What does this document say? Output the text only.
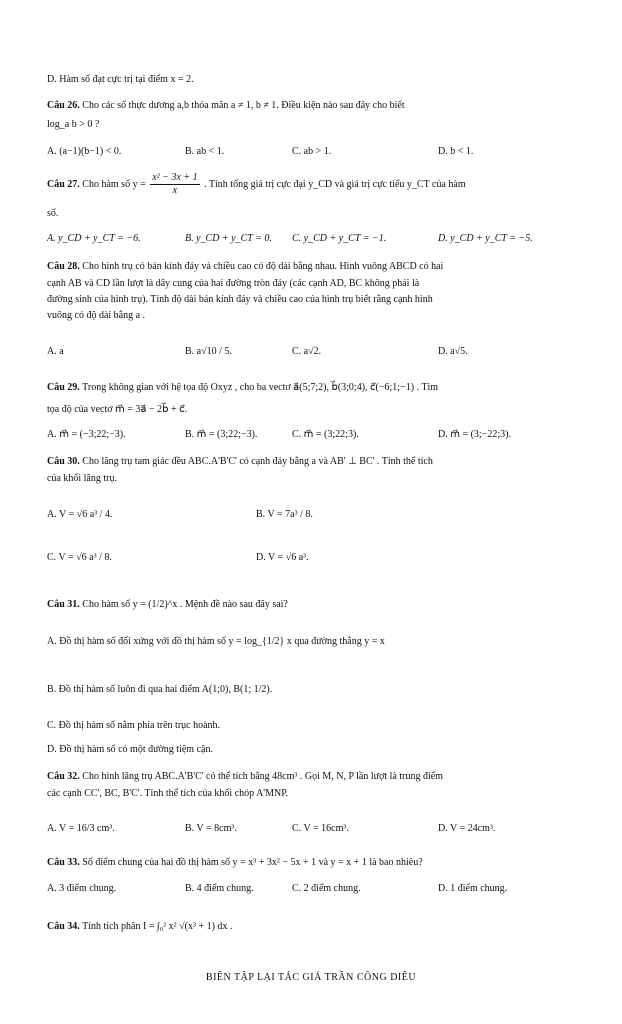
D. Hàm số đạt cực trị tại điểm x = 2.
Câu 26. Cho các số thực dương a,b thỏa mãn a ≠ 1, b ≠ 1. Điều kiện nào sau đây cho biết
log_a b > 0 ?
A. (a−1)(b−1) < 0.	B. ab < 1.	C. ab > 1.	D. b < 1.
Câu 27. Cho hàm số $y = \frac{\text{x² − 3x + 1}}{x}$ . Tính tổng giá trị cực đại y_CD và giá trị cực tiểu y_CT của hàm
số.
A. y_CD + y_CT = −6.	B. y_CD + y_CT = 0. C. y_CD + y_CT = −1.	D. y_CD + y_CT = −5.
Câu 28. Cho hình trụ có bán kính đáy và chiều cao có độ dài bằng nhau. Hình vuông ABCD có hai
cạnh AB và CD lần lượt là dây cung của hai đường tròn đáy (các cạnh AD, BC không phải là
đường sinh của hình trụ). Tính độ dài bán kính đáy và chiều cao của hình trụ biết rằng cạnh hình
vuông có độ dài bằng a .
A. a	B. a√10 / 5.	C. a√2.	D. a√5.
Câu 29. Trong không gian với hệ tọa độ Oxyz , cho ba vectơ a⃗(5;7;2), b⃗(3;0;4), c⃗(−6;1;−1) . Tìm
tọa độ của vectơ m⃗ = 3a⃗ − 2b⃗ + c⃗.
A. m⃗ = (−3;22;−3).	B. m⃗ = (3;22;−3).	C. m⃗ = (3;22;3).	D. m⃗ = (3;−22;3).
Câu 30. Cho lăng trụ tam giác đều ABC.A'B'C' có cạnh đáy bằng a và AB' ⊥ BC' . Tính thể tích
của khối lăng trụ.
A. V = √6 a³ / 4.	B. V = 7a³ / 8.
C. V = √6 a³ / 8.	D. V = √6 a³.
Câu 31. Cho hàm số y = (1/2)^x . Mệnh đề nào sau đây sai?
A. Đồ thị hàm số đối xứng với đồ thị hàm số y = log_{1/2} x qua đường thẳng y = x
B. Đồ thị hàm số luôn đi qua hai điểm A(1;0), B(1; 1/2).
C. Đồ thị hàm số nằm phía trên trục hoành.
D. Đồ thị hàm số có một đường tiệm cận.
Câu 32. Cho hình lăng trụ ABC.A'B'C' có thể tích bằng 48cm³ . Gọi M, N, P lần lượt là trung điểm
các cạnh CC', BC, B'C'. Tính thể tích của khối chóp A'MNP.
A. V = 16/3 cm³.	B. V = 8cm³.	C. V = 16cm³.	D. V = 24cm³.
Câu 33. Số điểm chung của hai đồ thị hàm số y = x³ + 3x² − 5x + 1 và y = x + 1 là bao nhiêu?
A. 3 điểm chung.	B. 4 điểm chung.	C. 2 điểm chung.	D. 1 điểm chung.
Câu 34. Tính tích phân I = ∫₀² x² √(x³ + 1) dx .
BIÊN TẬP LẠI TÁC GIẢ TRẦN CÔNG DIÊU
